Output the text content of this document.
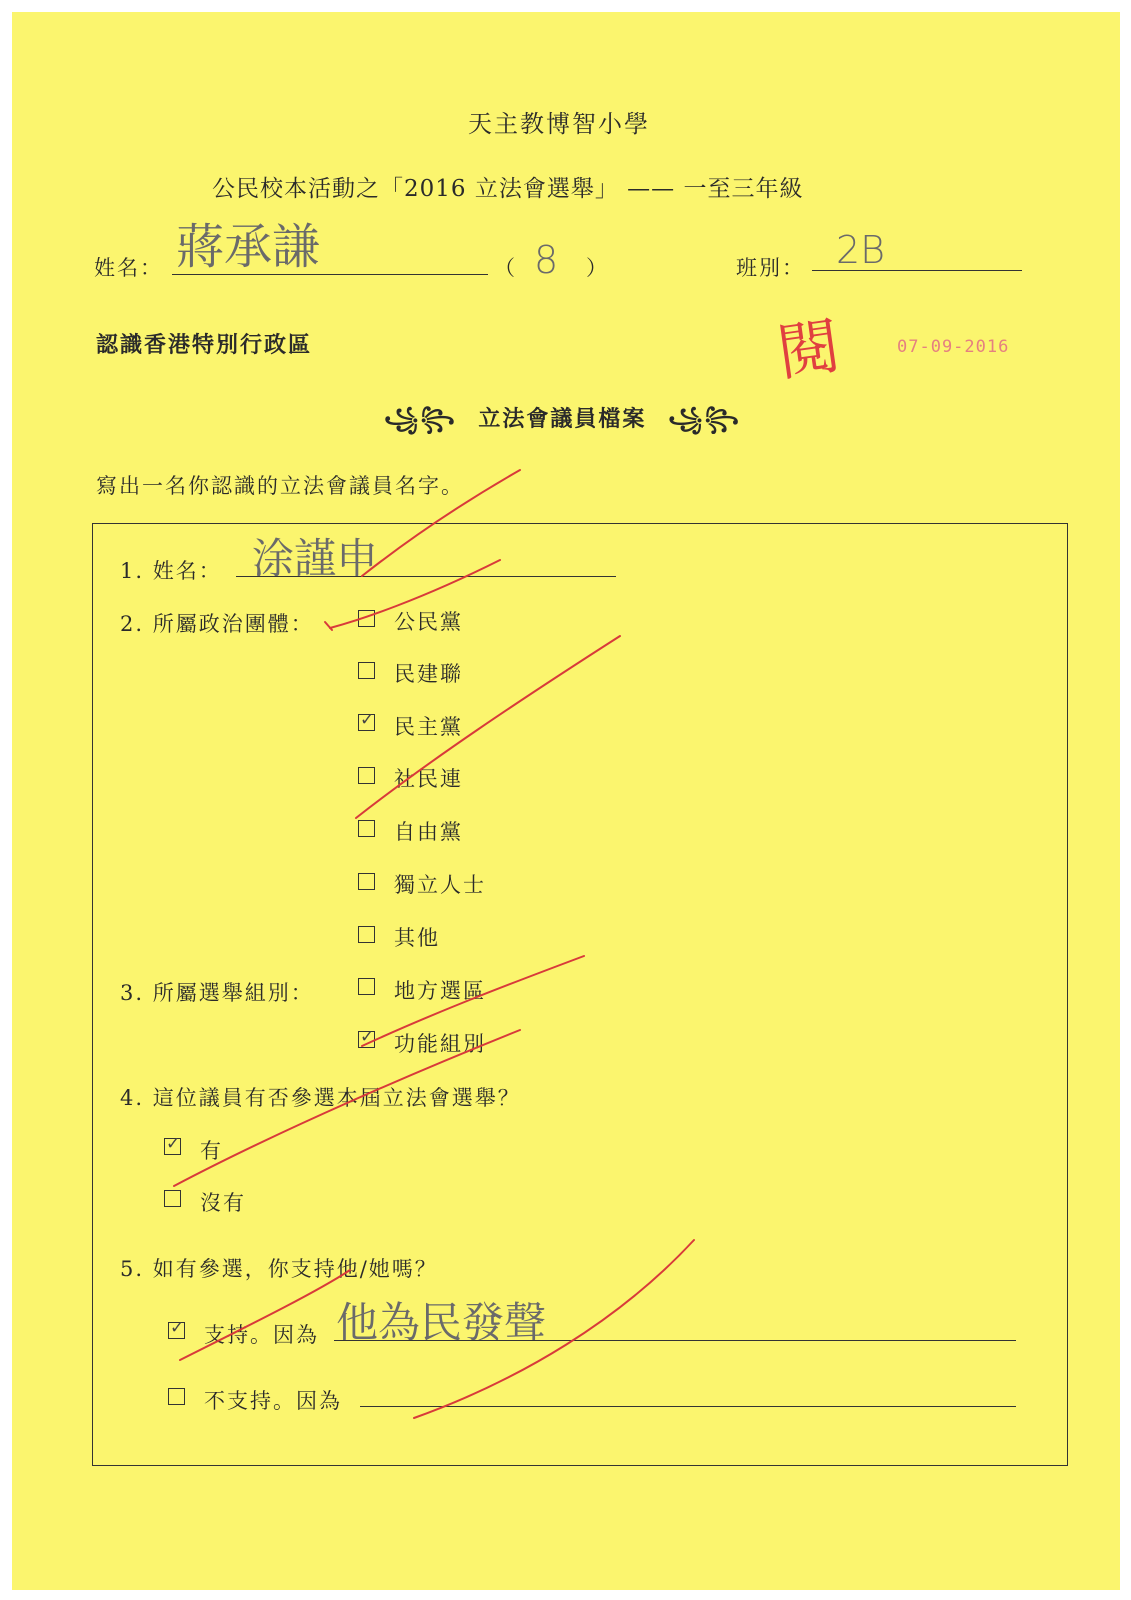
天主教博智小學
公民校本活動之「2016 立法會選舉」 —— 一至三年級
姓名： 蔣承謙	（ 8 ）	班別： 2B
認識香港特別行政區	閱	07-09-2016
꧁꧂ 立法會議員檔案 ꧁꧂
寫出一名你認識的立法會議員名字。
1. 姓名： 涂謹申
2. 所屬政治團體：	公民黨
民建聯
✓ 民主黨
社民連
自由黨
獨立人士
其他
3. 所屬選舉組別：	地方選區
✓ 功能組別
4. 這位議員有否參選本屆立法會選舉？
✓ 有
沒有
5. 如有參選，你支持他/她嗎？
✓ 支持。因為 他為民發聲
不支持。因為
